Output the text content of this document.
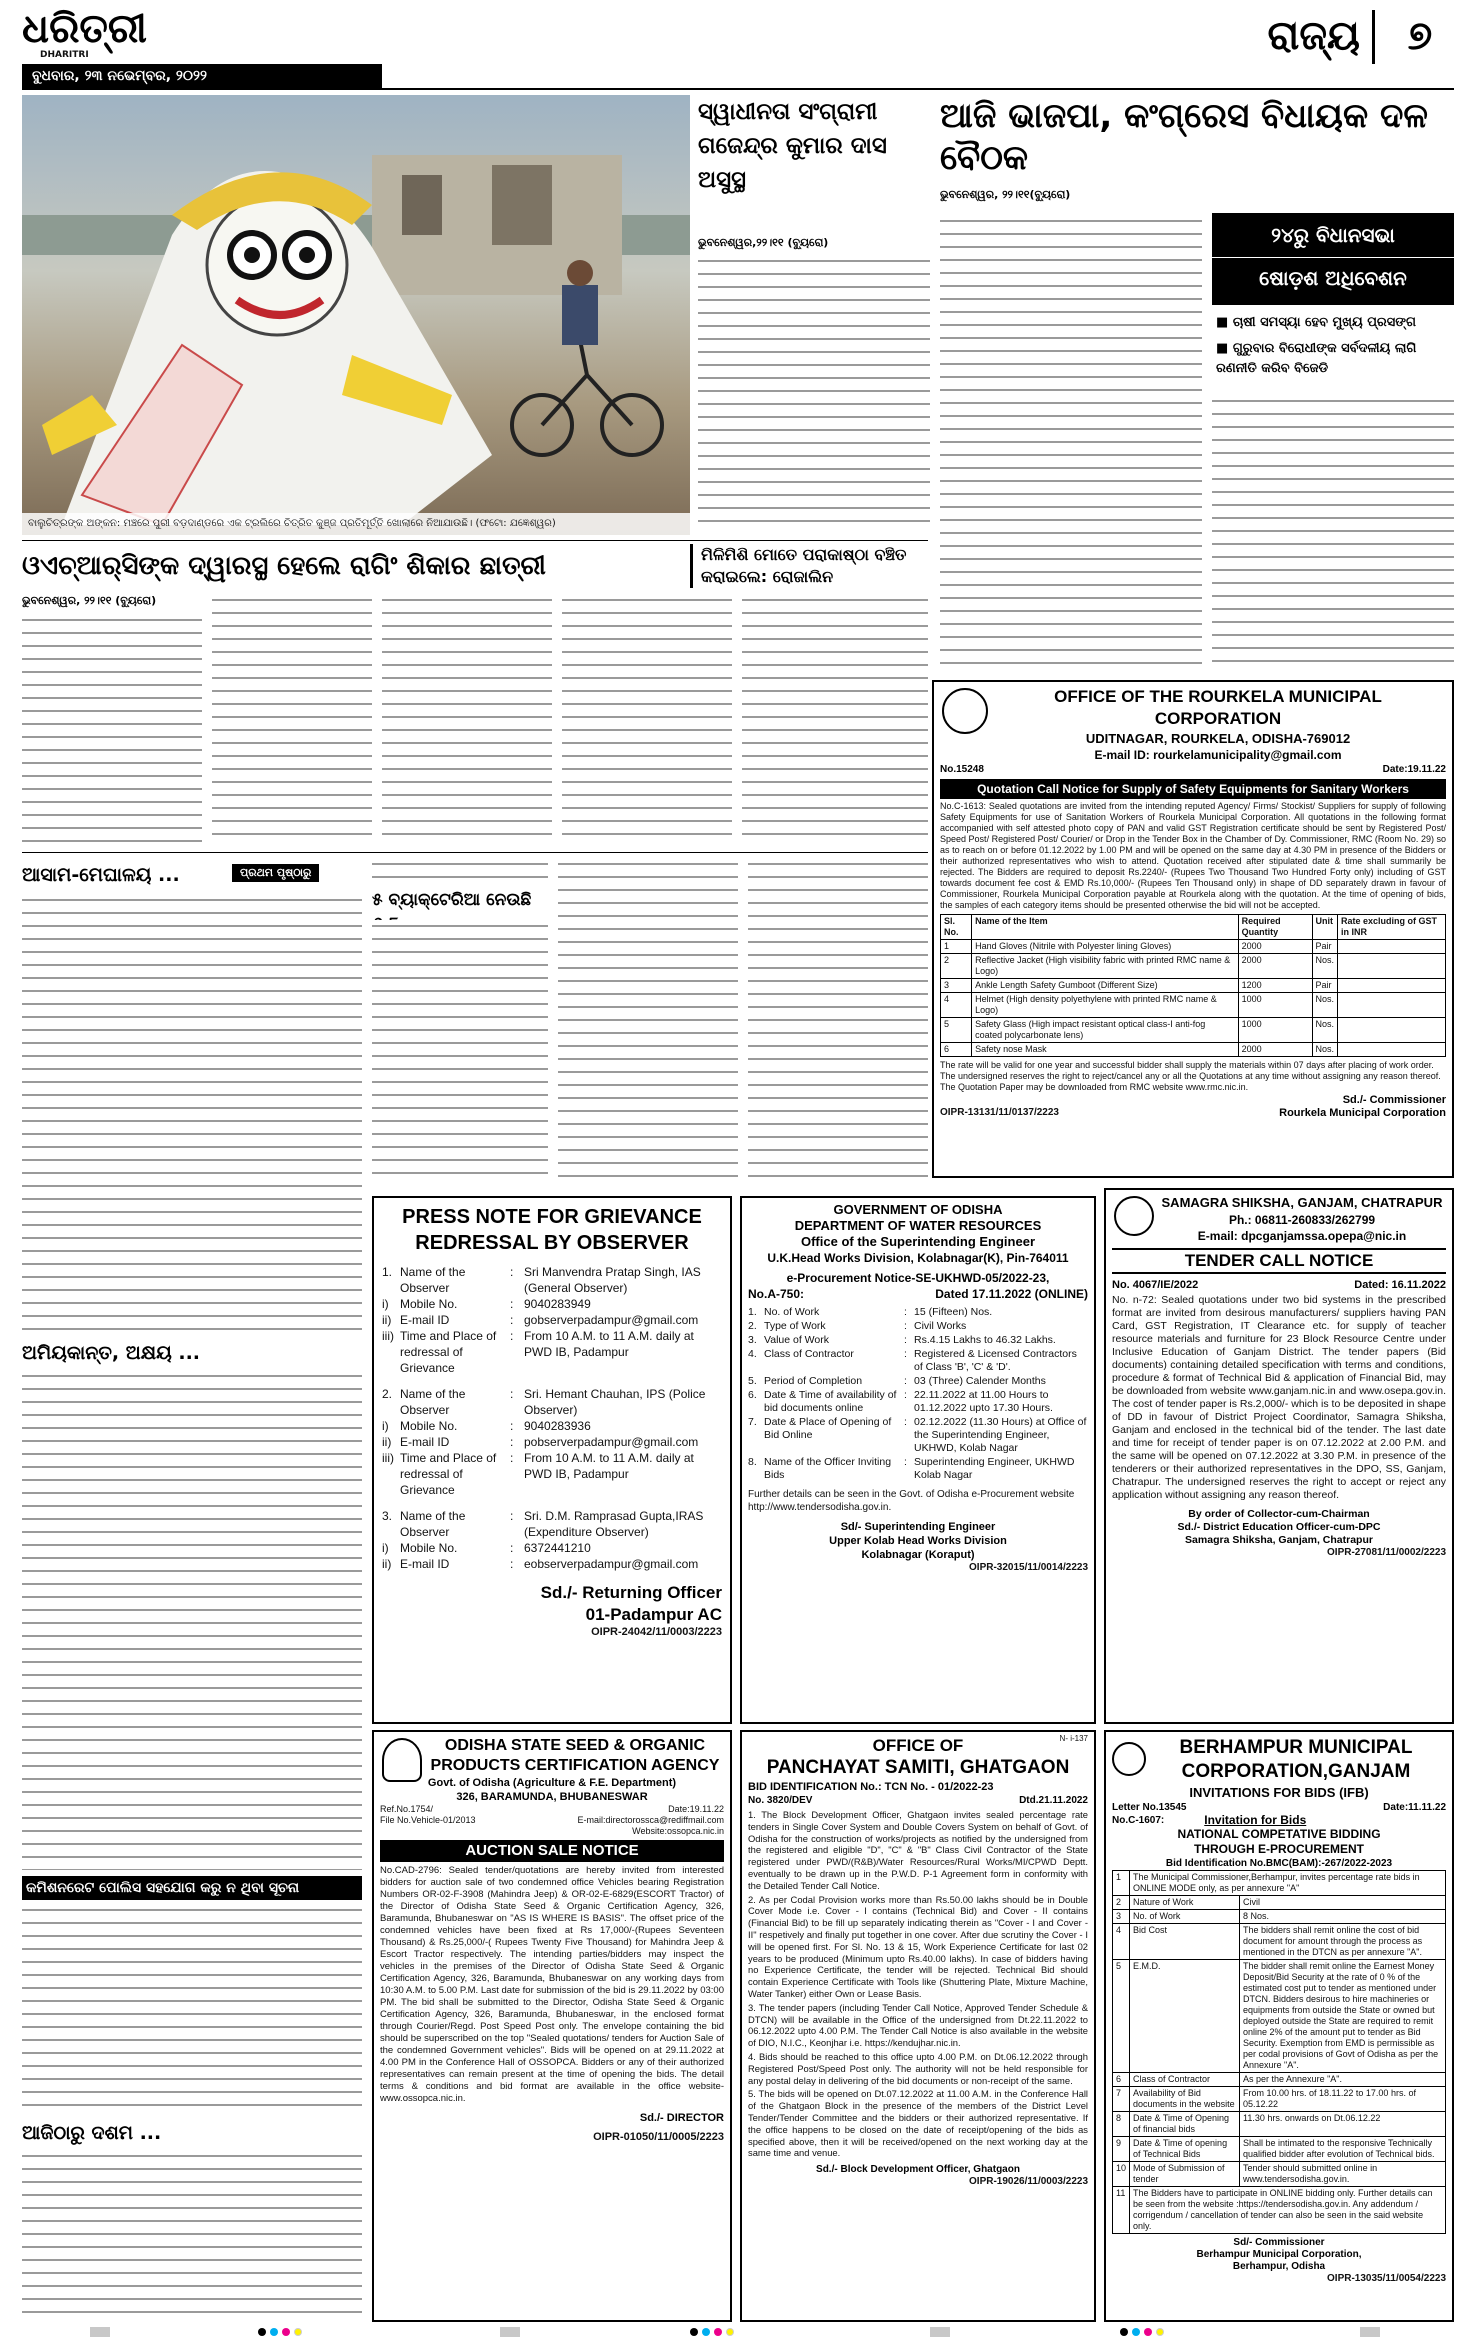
ଧରିତ୍ରୀ
DHARITRI
ବୁଧବାର, ୨୩ ନଭେମ୍ବର, ୨୦୨୨
ରାଜ୍ୟ	୭
ବାଲୁଚିତ୍ରଙ୍କ ଅଙ୍କନ: ମଞ୍ଚରେ ପୁରୀ ବଡ଼ଦାଣ୍ଡରେ ଏକ ଟ୍ରଲିରେ ଚିତ୍ରିତ କୁଞ୍ଜ ପ୍ରତିମୂର୍ତ୍ତି ଖୋଲାରେ ନିଆଯାଉଛି। (ଫଟୋ: ଯଜ୍ଞେଶ୍ୱର)
ସ୍ୱାଧୀନତା ସଂଗ୍ରାମୀ ଗଜେନ୍ଦ୍ର କୁମାର ଦାସ ଅସୁସ୍ଥ
ଭୁବନେଶ୍ୱର,୨୨।୧୧ (ବ୍ୟୁରୋ)
ଆଜି ଭାଜପା, କଂଗ୍ରେସ ବିଧାୟକ ଦଳ ବୈଠକ
ଭୁବନେଶ୍ୱର, ୨୨।୧୧(ବ୍ୟୁରୋ)
୨୪ରୁ ବିଧାନସଭା
ଷୋଡ଼ଶ ଅଧିବେଶନ
■ ଚାଷୀ ସମସ୍ୟା ହେବ ମୁଖ୍ୟ ପ୍ରସଙ୍ଗ
■ ଗୁରୁବାର ବିରୋଧୀଙ୍କ ସର୍ବଦଳୀୟ ଲାଗି ରଣନୀତି କରିବ ବିଜେଡି
ଓଏଚ୍‌ଆର୍‌ସିଙ୍କ ଦ୍ୱାରସ୍ଥ ହେଲେ ରାଗିଂ ଶିକାର ଛାତ୍ରୀ	ମିଳିମିଶି ମୋତେ ପରାକାଷ୍ଠା ବଞ୍ଚିତ କରାଇଲେ: ରୋଜାଲିନ
ଭୁବନେଶ୍ୱର, ୨୨।୧୧ (ବ୍ୟୁରୋ)
ଆସାମ-ମେଘାଳୟ ...	ପ୍ରଥମ ପୃଷ୍ଠାରୁ
ଅମିୟକାନ୍ତ, ଅକ୍ଷୟ ...
କମିଶନରେଟ ପୋଲିସ ସହଯୋଗ କରୁ ନ ଥିବା ସୂଚନା
ଆଜିଠାରୁ ଦଶମ ...
୫ ବ୍ୟାକ୍ଟେରିଆ ନେଉଛି
OFFICE OF THE ROURKELA MUNICIPAL CORPORATION
UDITNAGAR, ROURKELA, ODISHA-769012
E-mail ID: rourkelamunicipality@gmail.com
No.15248	Date:19.11.22
Quotation Call Notice for Supply of Safety Equipments for Sanitary Workers
No.C-1613: Sealed quotations are invited from the intending reputed Agency/ Firms/ Stockist/ Suppliers for supply of following Safety Equipments for use of Sanitation Workers of Rourkela Municipal Corporation. All quotations in the following format accompanied with self attested photo copy of PAN and valid GST Registration certificate should be sent by Registered Post/ Speed Post/ Registered Post/ Courier/ or Drop in the Tender Box in the Chamber of Dy. Commissioner, RMC (Room No. 29) so as to reach on or before 01.12.2022 by 1.00 PM and will be opened on the same day at 4.30 PM in presence of the Bidders or their authorized representatives who wish to attend. Quotation received after stipulated date & time shall summarily be rejected. The Bidders are required to deposit Rs.2240/- (Rupees Two Thousand Two Hundred Forty only) including of GST towards document fee cost & EMD Rs.10,000/- (Rupees Ten Thousand only) in shape of DD separately drawn in favour of Commissioner, Rourkela Municipal Corporation payable at Rourkela along with the quotation. At the time of opening of bids, the samples of each category items should be presented otherwise the bid will not be accepted.
Sl. No.	Name of the Item	Required Quantity	Unit	Rate excluding of GST in INR
1	Hand Gloves (Nitrile with Polyester lining Gloves)	2000	Pair	
2	Reflective Jacket (High visibility fabric with printed RMC name & Logo)	2000	Nos.	
3	Ankle Length Safety Gumboot (Different Size)	1200	Pair	
4	Helmet (High density polyethylene with printed RMC name & Logo)	1000	Nos.	
5	Safety Glass (High impact resistant optical class-I anti-fog coated polycarbonate lens)	1000	Nos.	
6	Safety nose Mask	2000	Nos.	
The rate will be valid for one year and successful bidder shall supply the materials within 07 days after placing of work order. The undersigned reserves the right to reject/cancel any or all the Quotations at any time without assigning any reason thereof. The Quotation Paper may be downloaded from RMC website www.rmc.nic.in.
Sd./- Commissioner
OIPR-13131/11/0137/2223	Rourkela Municipal Corporation
PRESS NOTE FOR GRIEVANCE REDRESSAL BY OBSERVER
1. Name of the Observer
: Sri Manvendra Pratap Singh, IAS (General Observer)
i) Mobile No.	: 9040283949
ii) E-mail ID	: gobserverpadampur@gmail.com
iii) Time and Place of redressal of Grievance
: From 10 A.M. to 11 A.M. daily at PWD IB, Padampur
2. Name of the Observer
: Sri. Hemant Chauhan, IPS (Police Observer)
i) Mobile No.	: 9040283936
ii) E-mail ID	: pobserverpadampur@gmail.com
iii) Time and Place of redressal of Grievance
: From 10 A.M. to 11 A.M. daily at PWD IB, Padampur
3. Name of the Observer
: Sri. D.M. Ramprasad Gupta,IRAS (Expenditure Observer)
i) Mobile No.	: 6372441210
ii) E-mail ID	: eobserverpadampur@gmail.com
Sd./- Returning Officer
01-Padampur AC
OIPR-24042/11/0003/2223
GOVERNMENT OF ODISHA
DEPARTMENT OF WATER RESOURCES
Office of the Superintending Engineer
U.K.Head Works Division, Kolabnagar(K), Pin-764011
e-Procurement Notice-SE-UKHWD-05/2022-23,
No.A-750:	Dated 17.11.2022 (ONLINE)
1. No. of Work	: 15 (Fifteen) Nos.
2. Type of Work	: Civil Works
3. Value of Work	: Rs.4.15 Lakhs to 46.32 Lakhs.
4. Class of Contractor	: Registered & Licensed Contractors of Class 'B', 'C' & 'D'.
5. Period of Completion	: 03 (Three) Calender Months
6. Date & Time of availability of bid documents online
: 22.11.2022 at 11.00 Hours to 01.12.2022 upto 17.30 Hours.
7. Date & Place of Opening of Bid Online
: 02.12.2022 (11.30 Hours) at Office of the Superintending Engineer, UKHWD, Kolab Nagar
8. Name of the Officer Inviting Bids
: Superintending Engineer, UKHWD Kolab Nagar
Further details can be seen in the Govt. of Odisha e-Procurement website http://www.tendersodisha.gov.in.
Sd/- Superintending Engineer
Upper Kolab Head Works Division
Kolabnagar (Koraput)
OIPR-32015/11/0014/2223
SAMAGRA SHIKSHA, GANJAM, CHATRAPUR
Ph.: 06811-260833/262799
E-mail: dpcganjamssa.opepa@nic.in
TENDER CALL NOTICE
No. 4067/IE/2022	Dated: 16.11.2022
No. n-72: Sealed quotations under two bid systems in the prescribed format are invited from desirous manufacturers/ suppliers having PAN Card, GST Registration, IT Clearance etc. for supply of teacher resource materials and furniture for 23 Block Resource Centre under Inclusive Education of Ganjam District. The tender papers (Bid documents) containing detailed specification with terms and conditions, procedure & format of Technical Bid & application of Financial Bid, may be downloaded from website www.ganjam.nic.in and www.osepa.gov.in. The cost of tender paper is Rs.2,000/- which is to be deposited in shape of DD in favour of District Project Coordinator, Samagra Shiksha, Ganjam and enclosed in the technical bid of the tender. The last date and time for receipt of tender paper is on 07.12.2022 at 2.00 P.M. and the same will be opened on 07.12.2022 at 3.30 P.M. in presence of the tenderers or their authorized representatives in the DPO, SS, Ganjam, Chatrapur. The undersigned reserves the right to accept or reject any application without assigning any reason thereof.
By order of Collector-cum-Chairman
Sd./- District Education Officer-cum-DPC
Samagra Shiksha, Ganjam, Chatrapur
OIPR-27081/11/0002/2223
ODISHA STATE SEED & ORGANIC
PRODUCTS CERTIFICATION AGENCY
Govt. of Odisha (Agriculture & F.E. Department)
326, BARAMUNDA, BHUBANESWAR
Ref.No.1754/	Date:19.11.22
File No.Vehicle-01/2013	E-mail:directorossca@rediffmail.com
Website:ossopca.nic.in
AUCTION SALE NOTICE
No.CAD-2796: Sealed tender/quotations are hereby invited from interested bidders for auction sale of two condemned office Vehicles bearing Registration Numbers OR-02-F-3908 (Mahindra Jeep) & OR-02-E-6829(ESCORT Tractor) of the Director of Odisha State Seed & Organic Certification Agency, 326, Baramunda, Bhubaneswar on "AS IS WHERE IS BASIS". The offset price of the condemned vehicles have been fixed at Rs 17,000/-(Rupees Seventeen Thousand) & Rs.25,000/-( Rupees Twenty Five Thousand) for Mahindra Jeep & Escort Tractor respectively. The intending parties/bidders may inspect the vehicles in the premises of the Director of Odisha State Seed & Organic Certification Agency, 326, Baramunda, Bhubaneswar on any working days from 10:30 A.M. to 5.00 P.M. Last date for submission of the bid is 29.11.2022 by 03:00 PM. The bid shall be submitted to the Director, Odisha State Seed & Organic Certification Agency, 326, Baramunda, Bhubaneswar, in the enclosed format through Courier/Regd. Post Speed Post only. The envelope containing the bid should be superscribed on the top "Sealed quotations/ tenders for Auction Sale of the condemned Government vehicles". Bids will be opened on at 29.11.2022 at 4.00 PM in the Conference Hall of OSSOPCA. Bidders or any of their authorized representatives can remain present at the time of opening the bids. The detail terms & conditions and bid format are available in the office website-www.ossopca.nic.in.
Sd./- DIRECTOR
OIPR-01050/11/0005/2223
N- i-137
OFFICE OF
PANCHAYAT SAMITI, GHATGAON
BID IDENTIFICATION No.: TCN No. - 01/2022-23
No. 3820/DEV	Dtd.21.11.2022
1. The Block Development Officer, Ghatgaon invites sealed percentage rate tenders in Single Cover System and Double Covers System on behalf of Govt. of Odisha for the construction of works/projects as notified by the undersigned from the registered and eligible "D", "C" & "B" Class Civil Contractor of the State registered under PWD/(R&B)/Water Resources/Rural Works/MI/CPWD Deptt. eventually to be drawn up in the P.W.D. P-1 Agreement form in conformity with the Detailed Tender Call Notice.
2. As per Codal Provision works more than Rs.50.00 lakhs should be in Double Cover Mode i.e. Cover - I contains (Technical Bid) and Cover - II contains (Financial Bid) to be fill up separately indicating therein as "Cover - I and Cover - II" respetively and finally put together in one cover. After due scrutiny the Cover - I will be opened first. For Sl. No. 13 & 15, Work Experience Certificate for last 02 years to be produced (Minimum upto Rs.40.00 lakhs). In case of bidders having no Experience Certificate, the tender will be rejected. Technical Bid should contain Experience Certificate with Tools like (Shuttering Plate, Mixture Machine, Water Tanker) either Own or Lease Basis.
3. The tender papers (including Tender Call Notice, Approved Tender Schedule & DTCN) will be available in the Office of the undersigned from Dt.22.11.2022 to 06.12.2022 upto 4.00 P.M. The Tender Call Notice is also available in the website of DIO, N.I.C., Keonjhar i.e. https://kendujhar.nic.in.
4. Bids should be reached to this office upto 4.00 P.M. on Dt.06.12.2022 through Registered Post/Speed Post only. The authority will not be held responsible for any postal delay in delivering of the bid documents or non-receipt of the same.
5. The bids will be opened on Dt.07.12.2022 at 11.00 A.M. in the Conference Hall of the Ghatgaon Block in the presence of the members of the District Level Tender/Tender Committee and the bidders or their authorized representative. If the office happens to be closed on the date of receipt/opening of the bids as specified above, then it will be received/opened on the next working day at the same time and venue.
Sd./- Block Development Officer, Ghatgaon
OIPR-19026/11/0003/2223
BERHAMPUR MUNICIPAL
CORPORATION,GANJAM
INVITATIONS FOR BIDS (IFB)
Letter No.13545	Date:11.11.22
No.C-1607:	Invitation for Bids
NATIONAL COMPETATIVE BIDDING
THROUGH E-PROCUREMENT
Bid Identification No.BMC(BAM):-267/2022-2023
1	The Municipal Commissioner,Berhampur, invites percentage rate bids in ONLINE MODE only, as per annexure "A"	
2	Nature of Work	Civil
3	No. of Work	8 Nos.
4	Bid Cost	The bidders shall remit online the cost of bid document for amount through the process as mentioned in the DTCN as per annexure "A".
5	E.M.D.	The bidder shall remit online the Earnest Money Deposit/Bid Security at the rate of 0 % of the estimated cost put to tender as mentioned under DTCN. Bidders desirous to hire machineries or equipments from outside the State or owned but deployed outside the State are required to remit online 2% of the amount put to tender as Bid Security. Exemption from EMD is permissible as per codal provisions of Govt of Odisha as per the Annexure "A".
6	Class of Contractor	As per the Annexure "A".
7	Availability of Bid documents in the website	From 10.00 hrs. of 18.11.22 to 17.00 hrs. of 05.12.22
8	Date & Time of Opening of financial bids	11.30 hrs. onwards on Dt.06.12.22
9	Date & Time of opening of Technical Bids	Shall be intimated to the responsive Technically qualified bidder after evolution of Technical bids.
10	Mode of Submission of tender	Tender should submitted online in www.tendersodisha.gov.in.
11	The Bidders have to participate in ONLINE bidding only. Further details can be seen from the website :https://tendersodisha.gov.in. Any addendum / corrigendum / cancellation of tender can also be seen in the said website only.	
Sd/- Commissioner
Berhampur Municipal Corporation,
Berhampur, Odisha
OIPR-13035/11/0054/2223
